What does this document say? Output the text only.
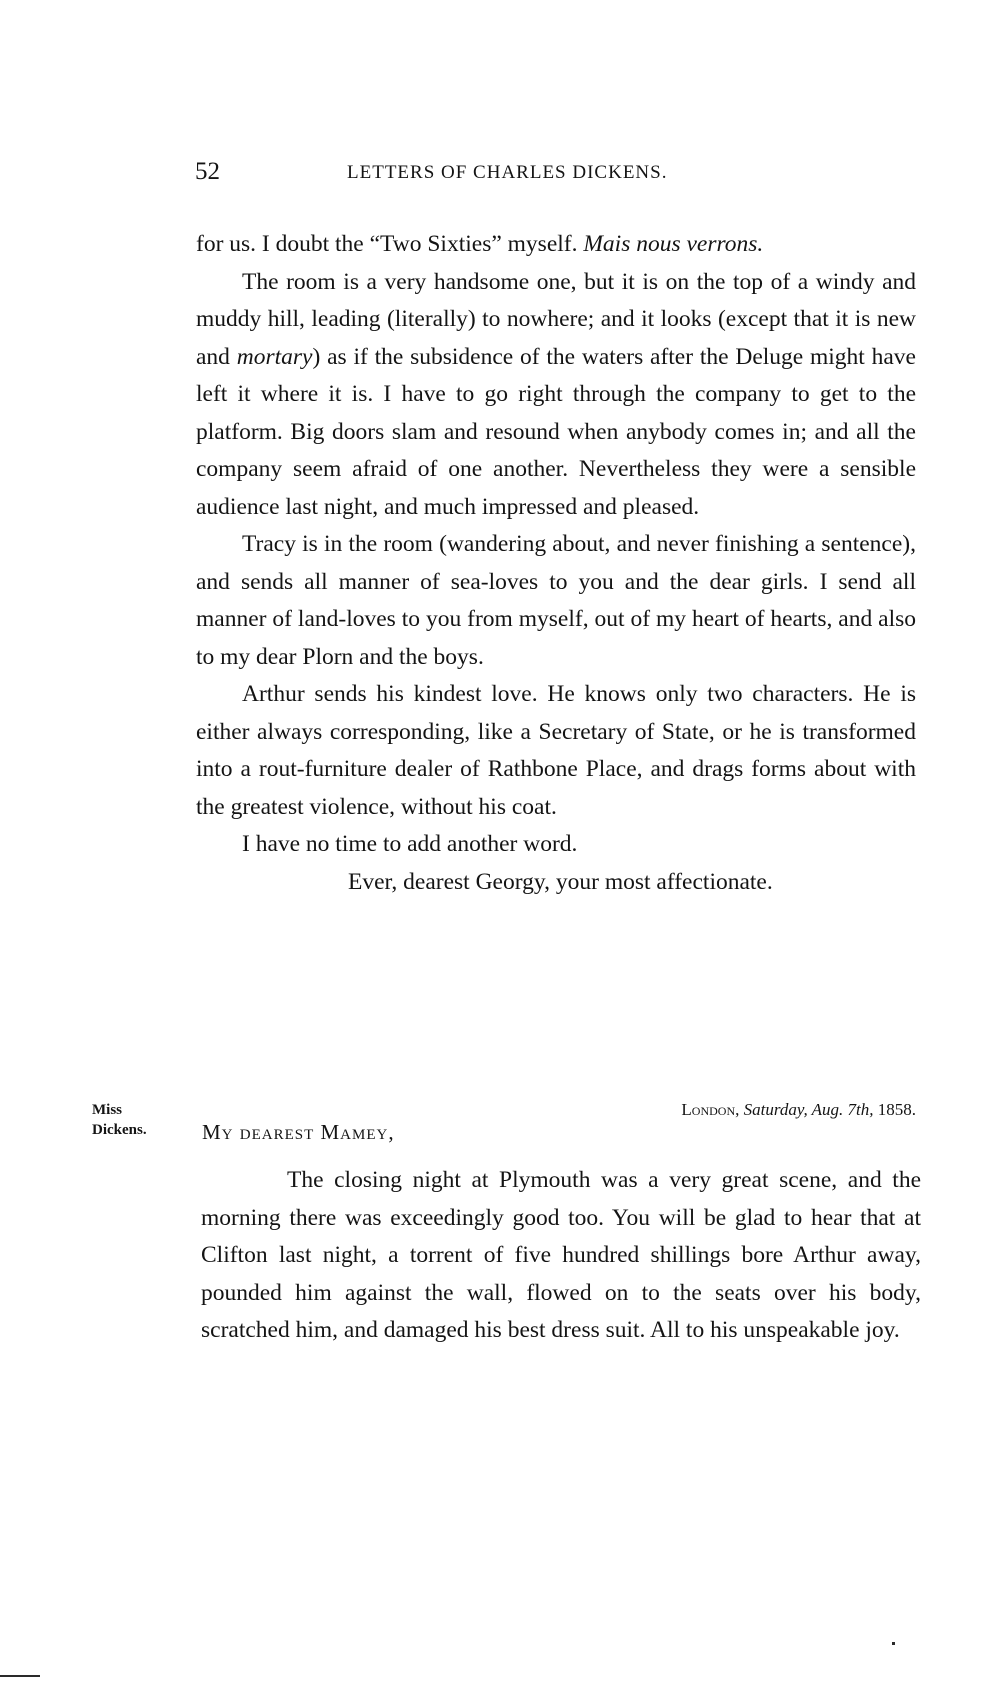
52	LETTERS OF CHARLES DICKENS.

for us. I doubt the “Two Sixties” myself. Mais nous verrons.

The room is a very handsome one, but it is on the top of a windy and muddy hill, leading (literally) to nowhere; and it looks (except that it is new and mortary) as if the subsidence of the waters after the Deluge might have left it where it is. I have to go right through the company to get to the platform. Big doors slam and resound when anybody comes in; and all the company seem afraid of one another. Nevertheless they were a sensible audience last night, and much impressed and pleased.

Tracy is in the room (wandering about, and never finishing a sentence), and sends all manner of sea-loves to you and the dear girls. I send all manner of land-loves to you from myself, out of my heart of hearts, and also to my dear Plorn and the boys.

Arthur sends his kindest love. He knows only two characters. He is either always corresponding, like a Secretary of State, or he is transformed into a rout-furniture dealer of Rathbone Place, and drags forms about with the greatest violence, without his coat.

I have no time to add another word.

Ever, dearest Georgy, your most affectionate.

Miss
Dickens.
London, Saturday, Aug. 7th, 1858.
My dearest Mamey,

The closing night at Plymouth was a very great scene, and the morning there was exceedingly good too. You will be glad to hear that at Clifton last night, a torrent of five hundred shillings bore Arthur away, pounded him against the wall, flowed on to the seats over his body, scratched him, and damaged his best dress suit. All to his unspeakable joy.
